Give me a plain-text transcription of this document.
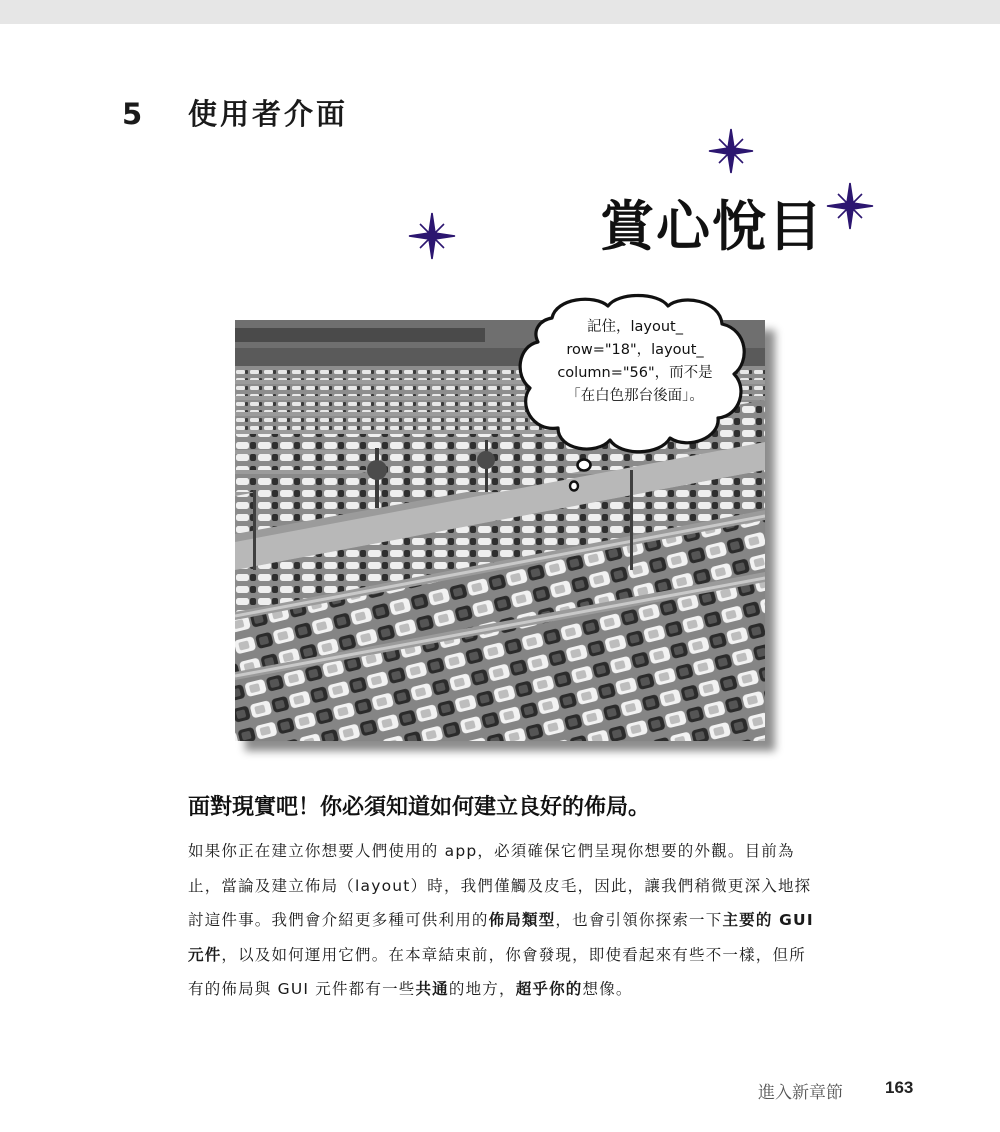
5 使用者介面
賞心悅目
記住，layout_
row="18"，layout_
column="56"，而不是
「在白色那台後面」。
面對現實吧！你必須知道如何建立良好的佈局。
如果你正在建立你想要人們使用的 app，必須確保它們呈現你想要的外觀。目前為止，當論及建立佈局（layout）時，我們僅觸及皮毛，因此，讓我們稍微更深入地探討這件事。我們會介紹更多種可供利用的佈局類型，也會引領你探索一下主要的 GUI 元件，以及如何運用它們。在本章結束前，你會發現，即使看起來有些不一樣，但所有的佈局與 GUI 元件都有一些共通的地方，超乎你的想像。
進入新章節 163
